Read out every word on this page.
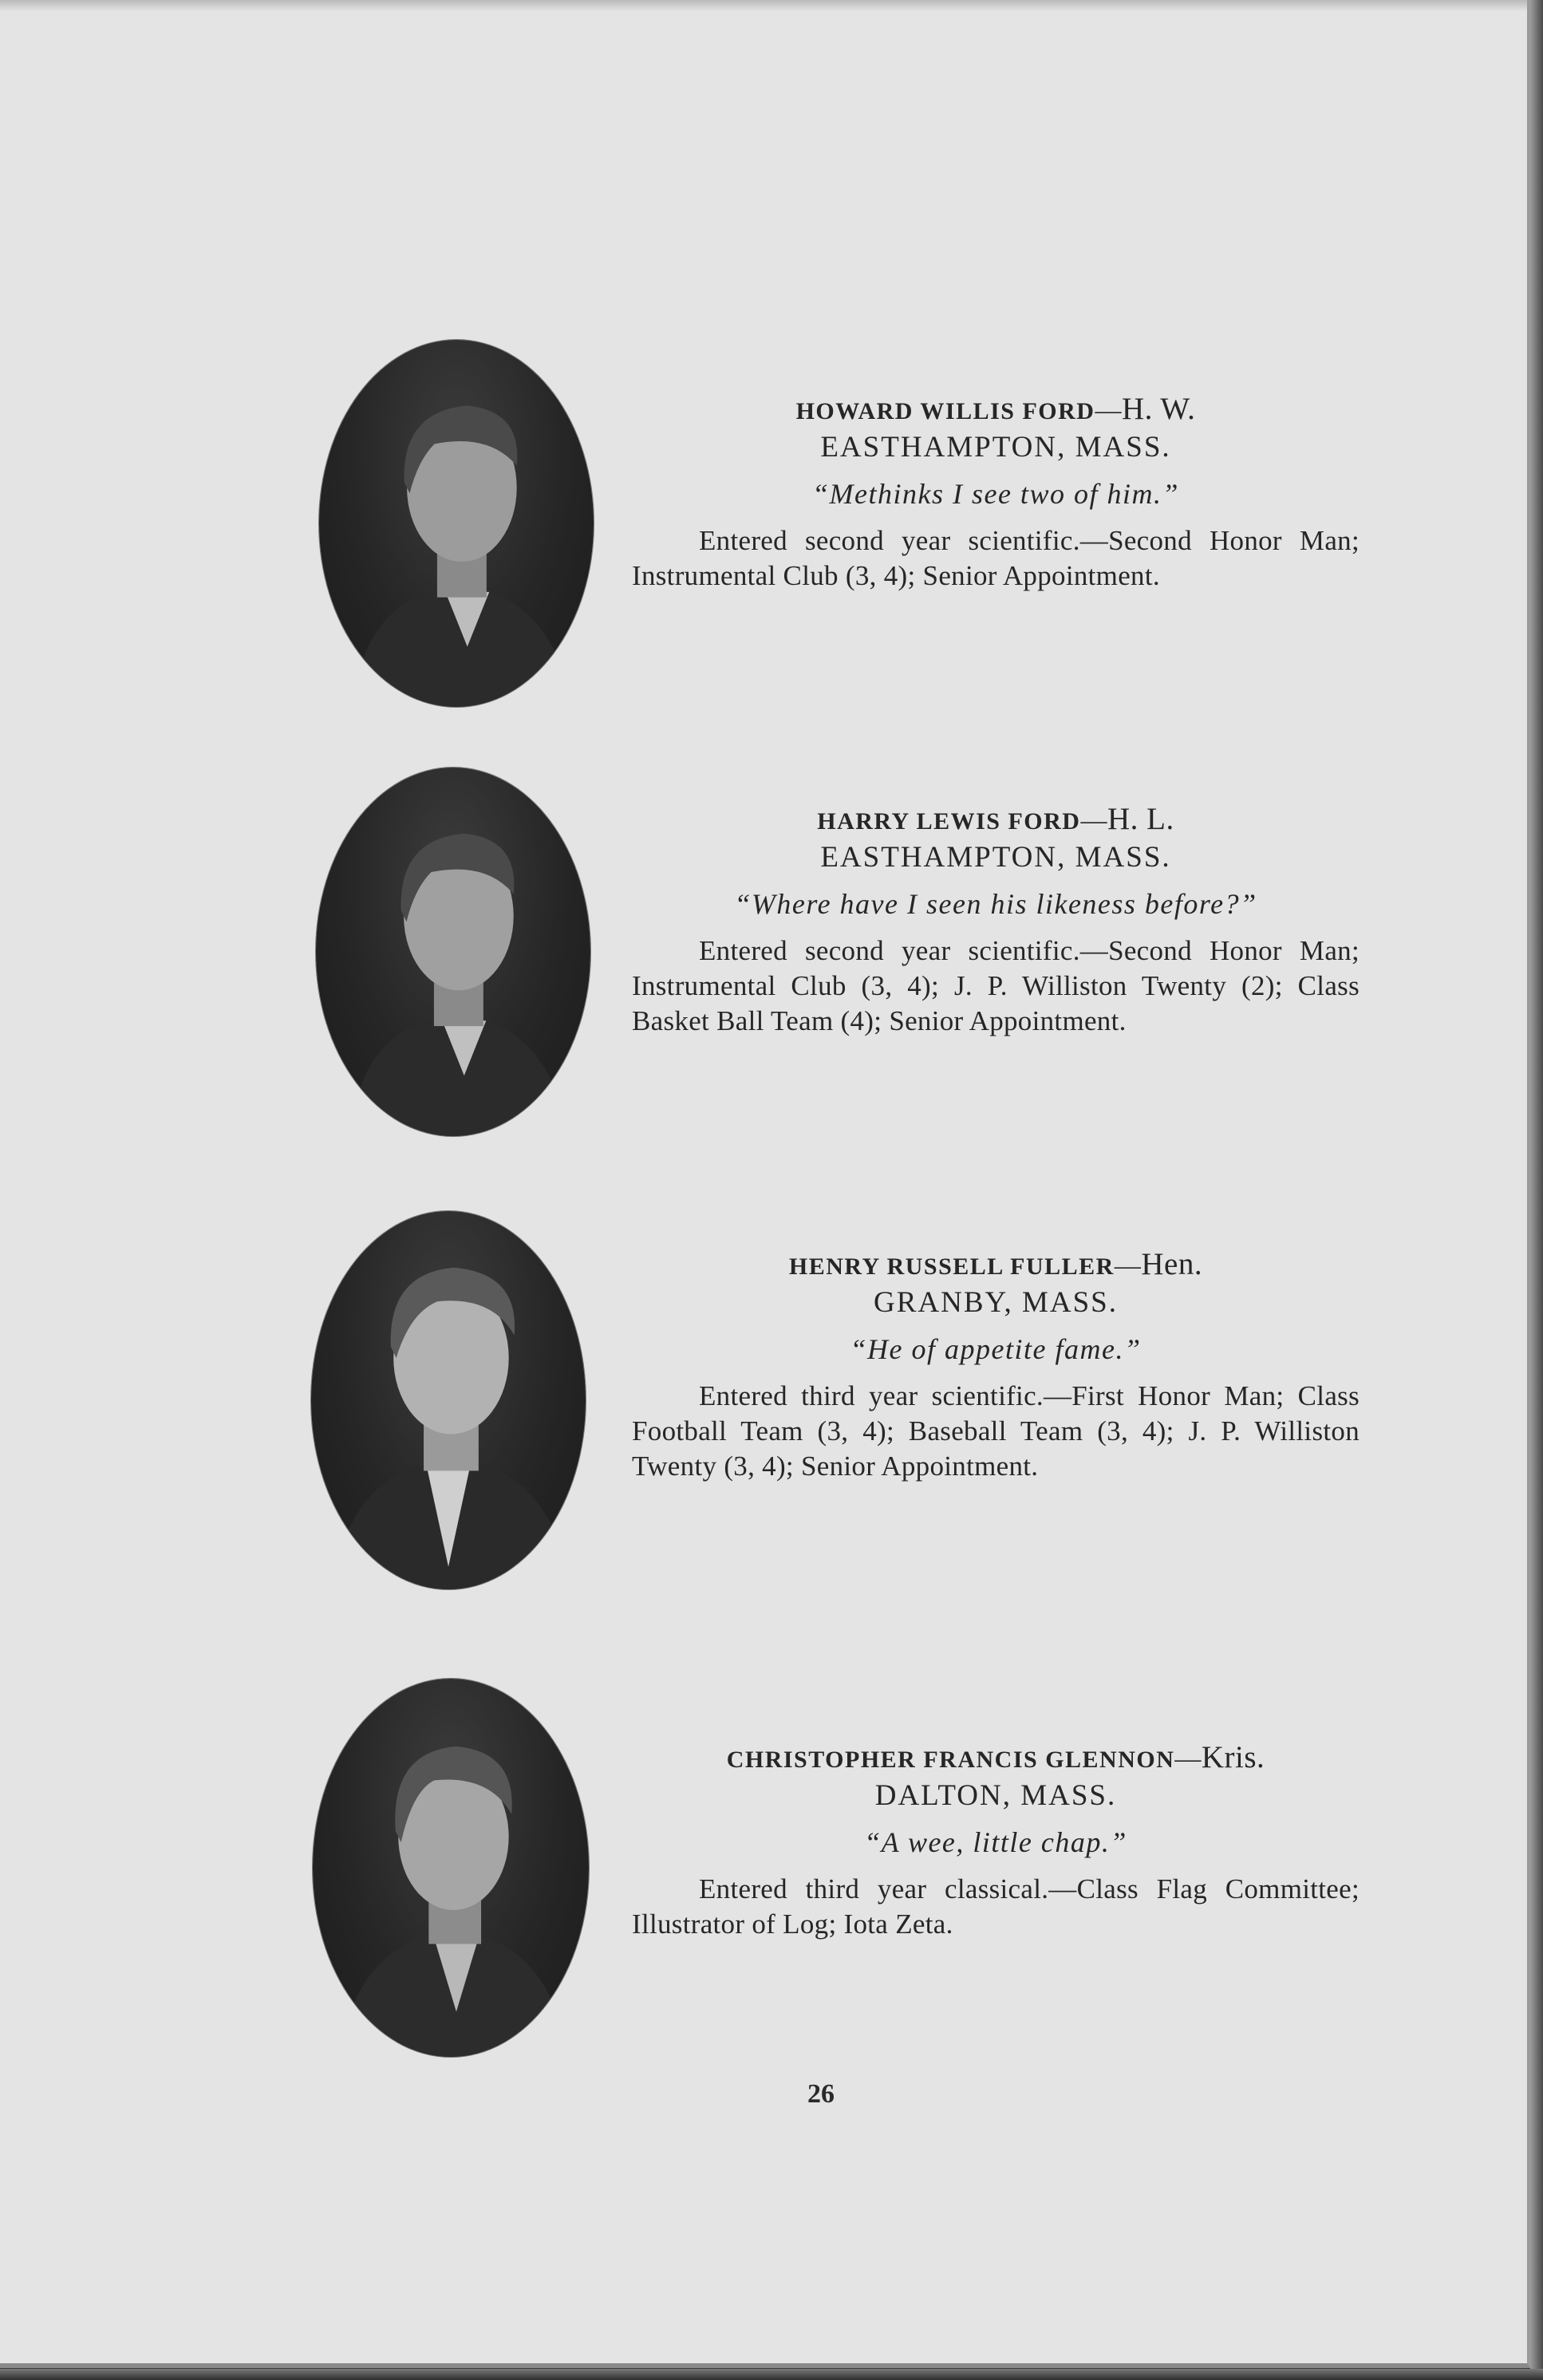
HOWARD WILLIS FORD—H. W.
EASTHAMPTON, MASS.
“Methinks I see two of him.”
Entered second year scientific.—Second Honor Man; Instrumental Club (3, 4); Senior Appointment.
HARRY LEWIS FORD—H. L.
EASTHAMPTON, MASS.
“Where have I seen his likeness before?”
Entered second year scientific.—Second Honor Man; Instrumental Club (3, 4); J. P. Williston Twenty (2); Class Basket Ball Team (4); Senior Appointment.
HENRY RUSSELL FULLER—Hen.
GRANBY, MASS.
“He of appetite fame.”
Entered third year scientific.—First Honor Man; Class Football Team (3, 4); Baseball Team (3, 4); J. P. Williston Twenty (3, 4); Senior Appointment.
CHRISTOPHER FRANCIS GLENNON—Kris.
DALTON, MASS.
“A wee, little chap.”
Entered third year classical.—Class Flag Committee; Illustrator of Log; Iota Zeta.
26
